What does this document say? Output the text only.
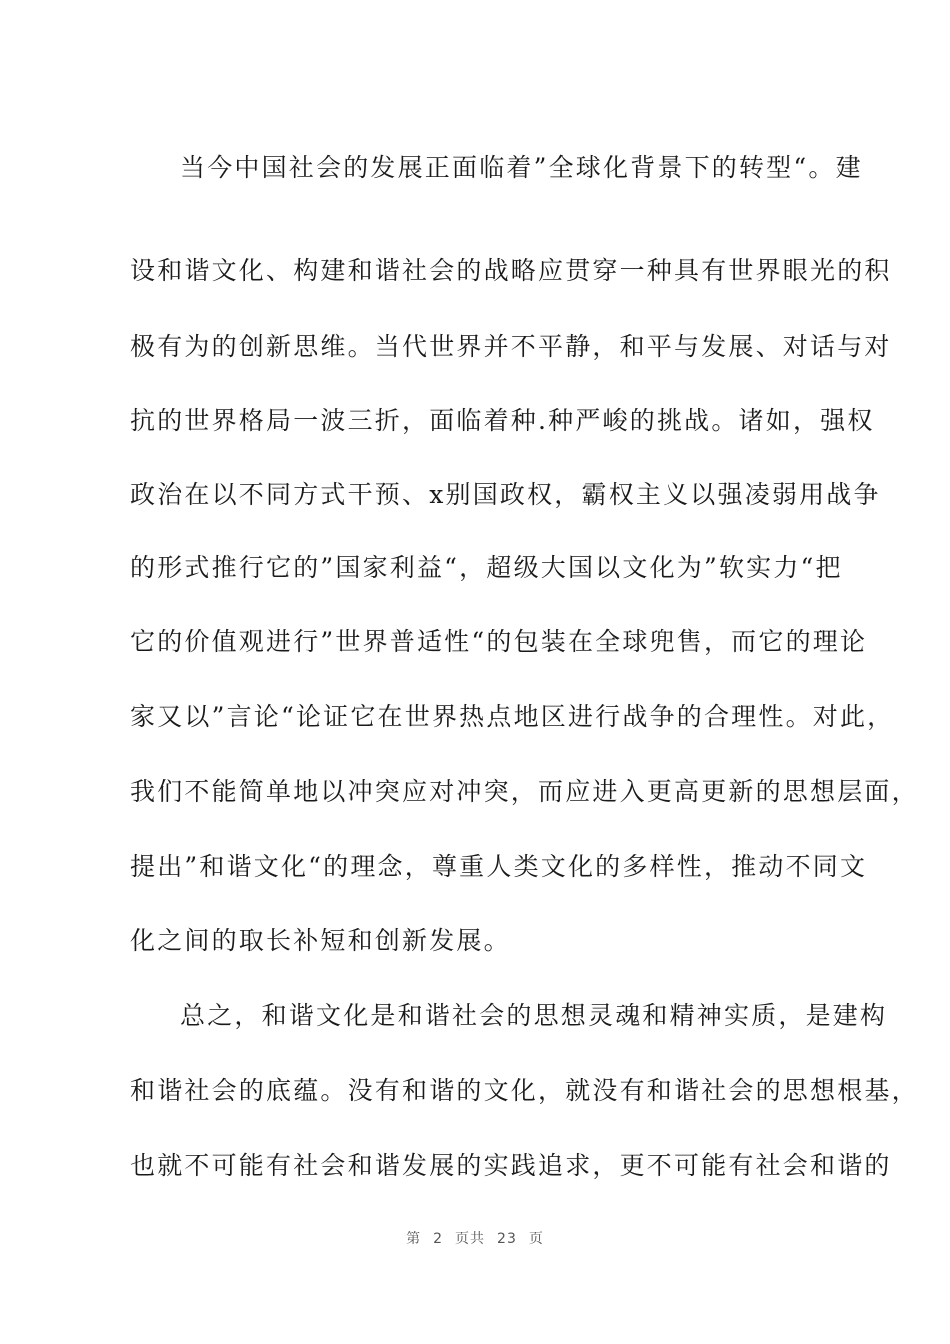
当今中国社会的发展正面临着”全球化背景下的转型“。建
设和谐文化、构建和谐社会的战略应贯穿一种具有世界眼光的积
极有为的创新思维。当代世界并不平静，和平与发展、对话与对
抗的世界格局一波三折，面临着种.种严峻的挑战。诸如，强权
政治在以不同方式干预、x别国政权，霸权主义以强凌弱用战争
的形式推行它的”国家利益“，超级大国以文化为”软实力“把
它的价值观进行”世界普适性“的包装在全球兜售，而它的理论
家又以”言论“论证它在世界热点地区进行战争的合理性。对此，
我们不能简单地以冲突应对冲突，而应进入更高更新的思想层面，
提出”和谐文化“的理念，尊重人类文化的多样性，推动不同文
化之间的取长补短和创新发展。
总之，和谐文化是和谐社会的思想灵魂和精神实质，是建构
和谐社会的底蕴。没有和谐的文化，就没有和谐社会的思想根基，
也就不可能有社会和谐发展的实践追求，更不可能有社会和谐的
第 2 页共 23 页
